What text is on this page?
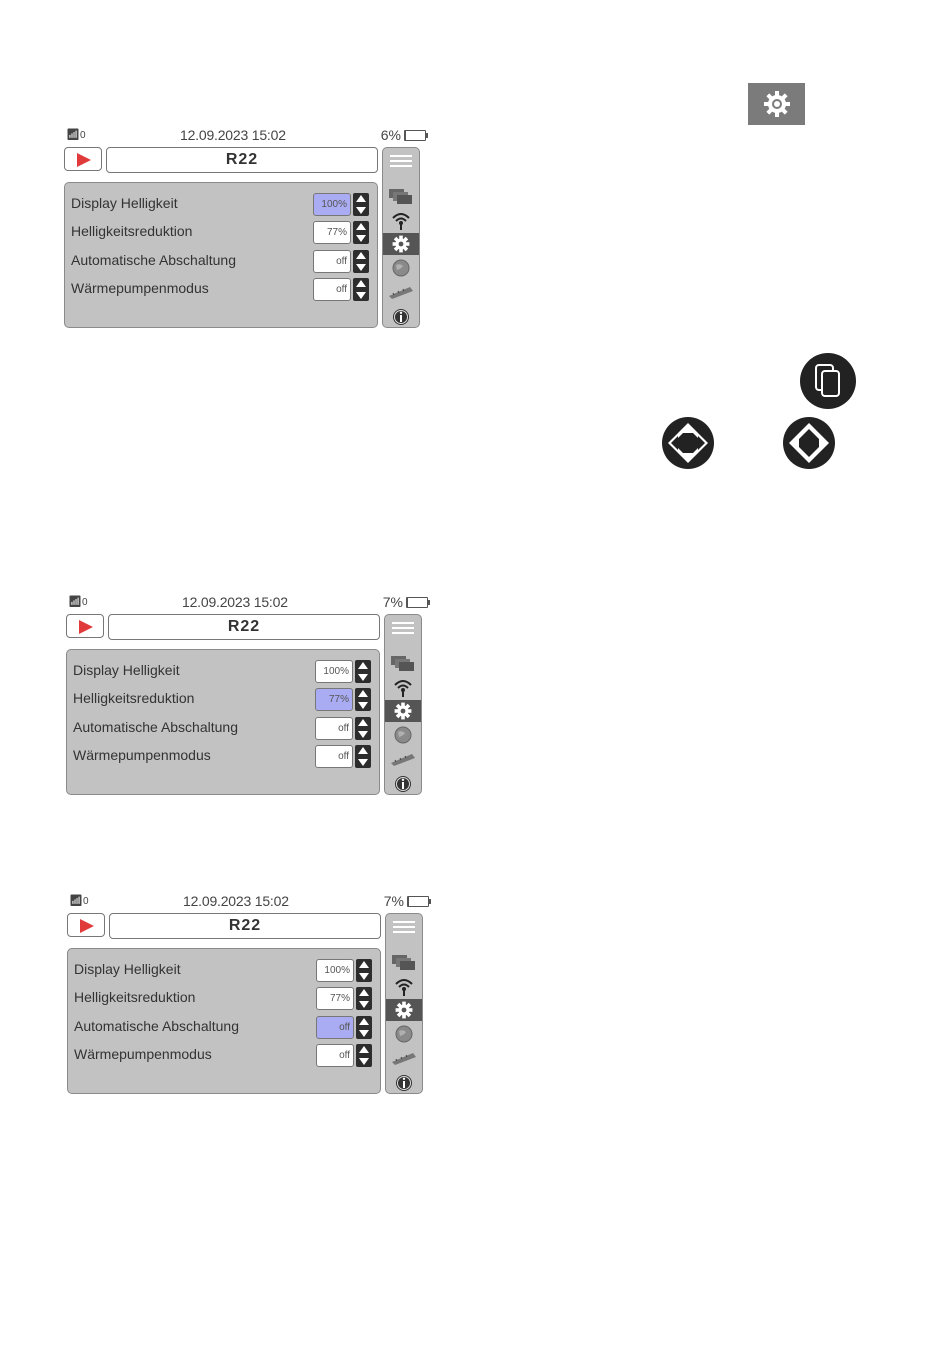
📶︎0	12.09.2023 15:02	6%
R22
Display Helligkeit	100%
Helligkeitsreduktion	77%
Automatische Abschaltung	off
Wärmepumpenmodus	off
📶︎0	12.09.2023 15:02	7%
R22
Display Helligkeit	100%
Helligkeitsreduktion	77%
Automatische Abschaltung	off
Wärmepumpenmodus	off
📶︎0	12.09.2023 15:02	7%
R22
Display Helligkeit	100%
Helligkeitsreduktion	77%
Automatische Abschaltung	off
Wärmepumpenmodus	off
